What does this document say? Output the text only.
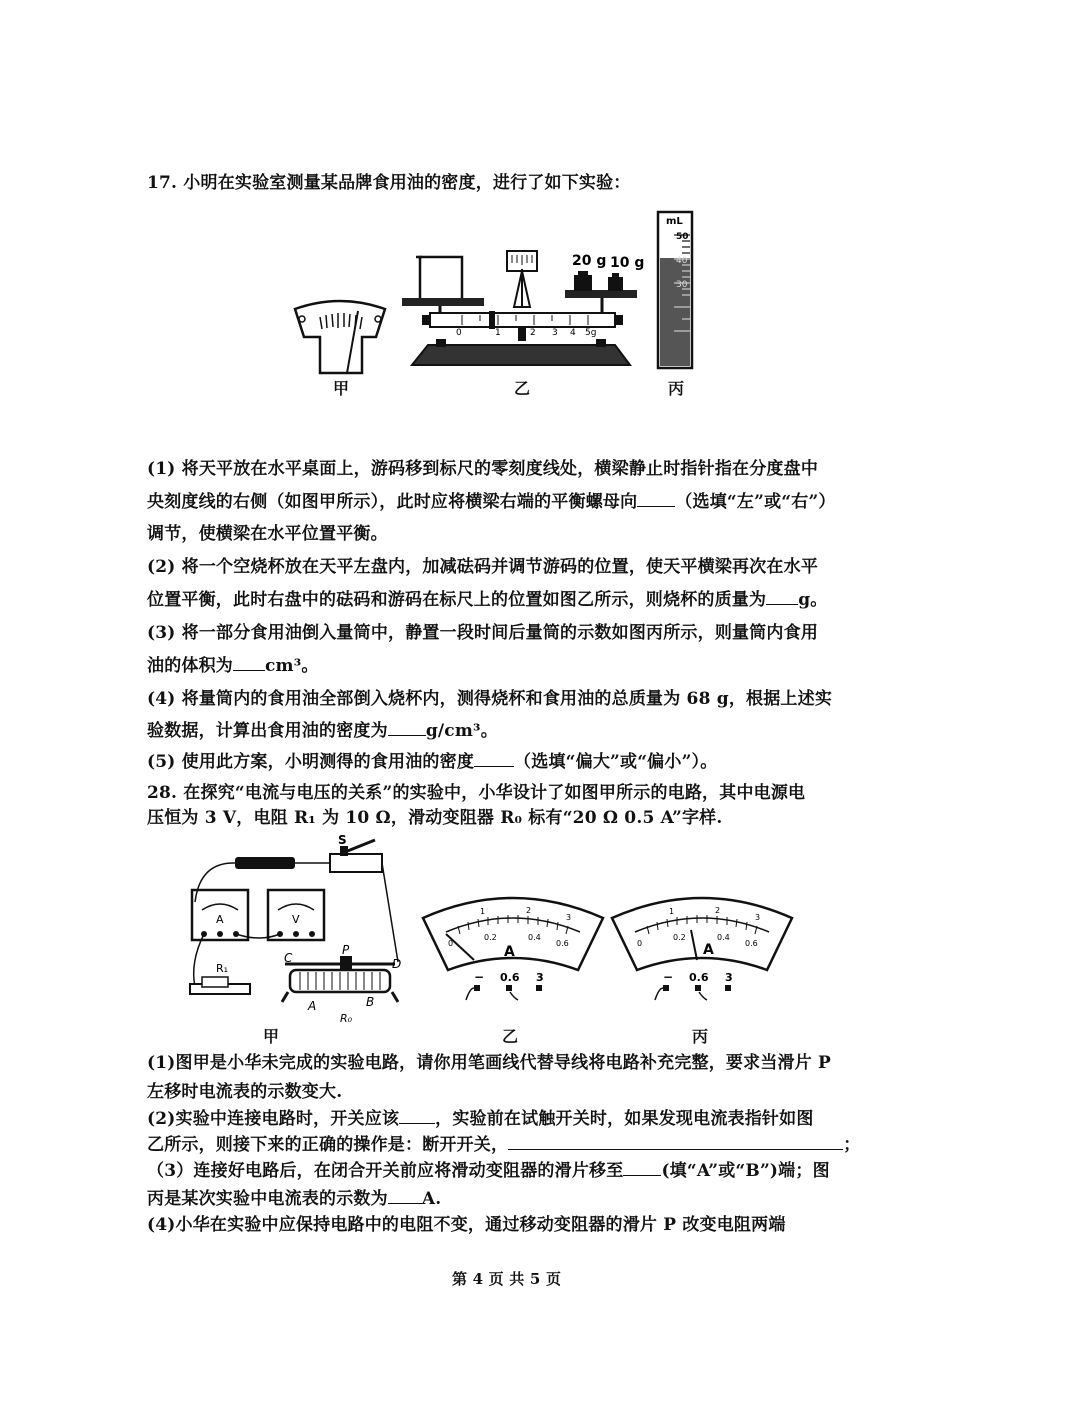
17. 小明在实验室测量某品牌食用油的密度，进行了如下实验：
甲
20 g 10 g
0	1	2 3 4 5g
乙
mL
50
40
30
丙
(1) 将天平放在水平桌面上，游码移到标尺的零刻度线处，横梁静止时指针指在分度盘中
央刻度线的右侧（如图甲所示），此时应将横梁右端的平衡螺母向 （选填“左”或“右”）
调节，使横梁在水平位置平衡。
(2) 将一个空烧杯放在天平左盘内，加减砝码并调节游码的位置，使天平横梁再次在水平
位置平衡，此时右盘中的砝码和游码在标尺上的位置如图乙所示，则烧杯的质量为 g。
(3) 将一部分食用油倒入量筒中，静置一段时间后量筒的示数如图丙所示，则量筒内食用
油的体积为 cm³。
(4) 将量筒内的食用油全部倒入烧杯内，测得烧杯和食用油的总质量为 68 g，根据上述实
验数据，计算出食用油的密度为 g/cm³。
(5) 使用此方案，小明测得的食用油的密度 （选填“偏大”或“偏小”）。
28. 在探究“电流与电压的关系”的实验中，小华设计了如图甲所示的电路，其中电源电
压恒为 3 V，电阻 R₁ 为 10 Ω，滑动变阻器 R₀ 标有“20 Ω 0.5 A”字样.
S
A	V
R₁
C
P
D
A	B
R₀
甲
1	2
3
0
0.2	0.4
0.6
A
− 0.6 3
乙
1	2
3
0
0.2	0.4
0.6
A
− 0.6 3
丙
(1)图甲是小华未完成的实验电路，请你用笔画线代替导线将电路补充完整，要求当滑片 P
左移时电流表的示数变大.
(2)实验中连接电路时，开关应该 ，实验前在试触开关时，如果发现电流表指针如图
乙所示，则接下来的正确的操作是：断开开关，	；
（3）连接好电路后，在闭合开关前应将滑动变阻器的滑片移至 (填“A”或“B”)端；图
丙是某次实验中电流表的示数为 A.
(4)小华在实验中应保持电路中的电阻不变，通过移动变阻器的滑片 P 改变电阻两端
第 4 页 共 5 页
